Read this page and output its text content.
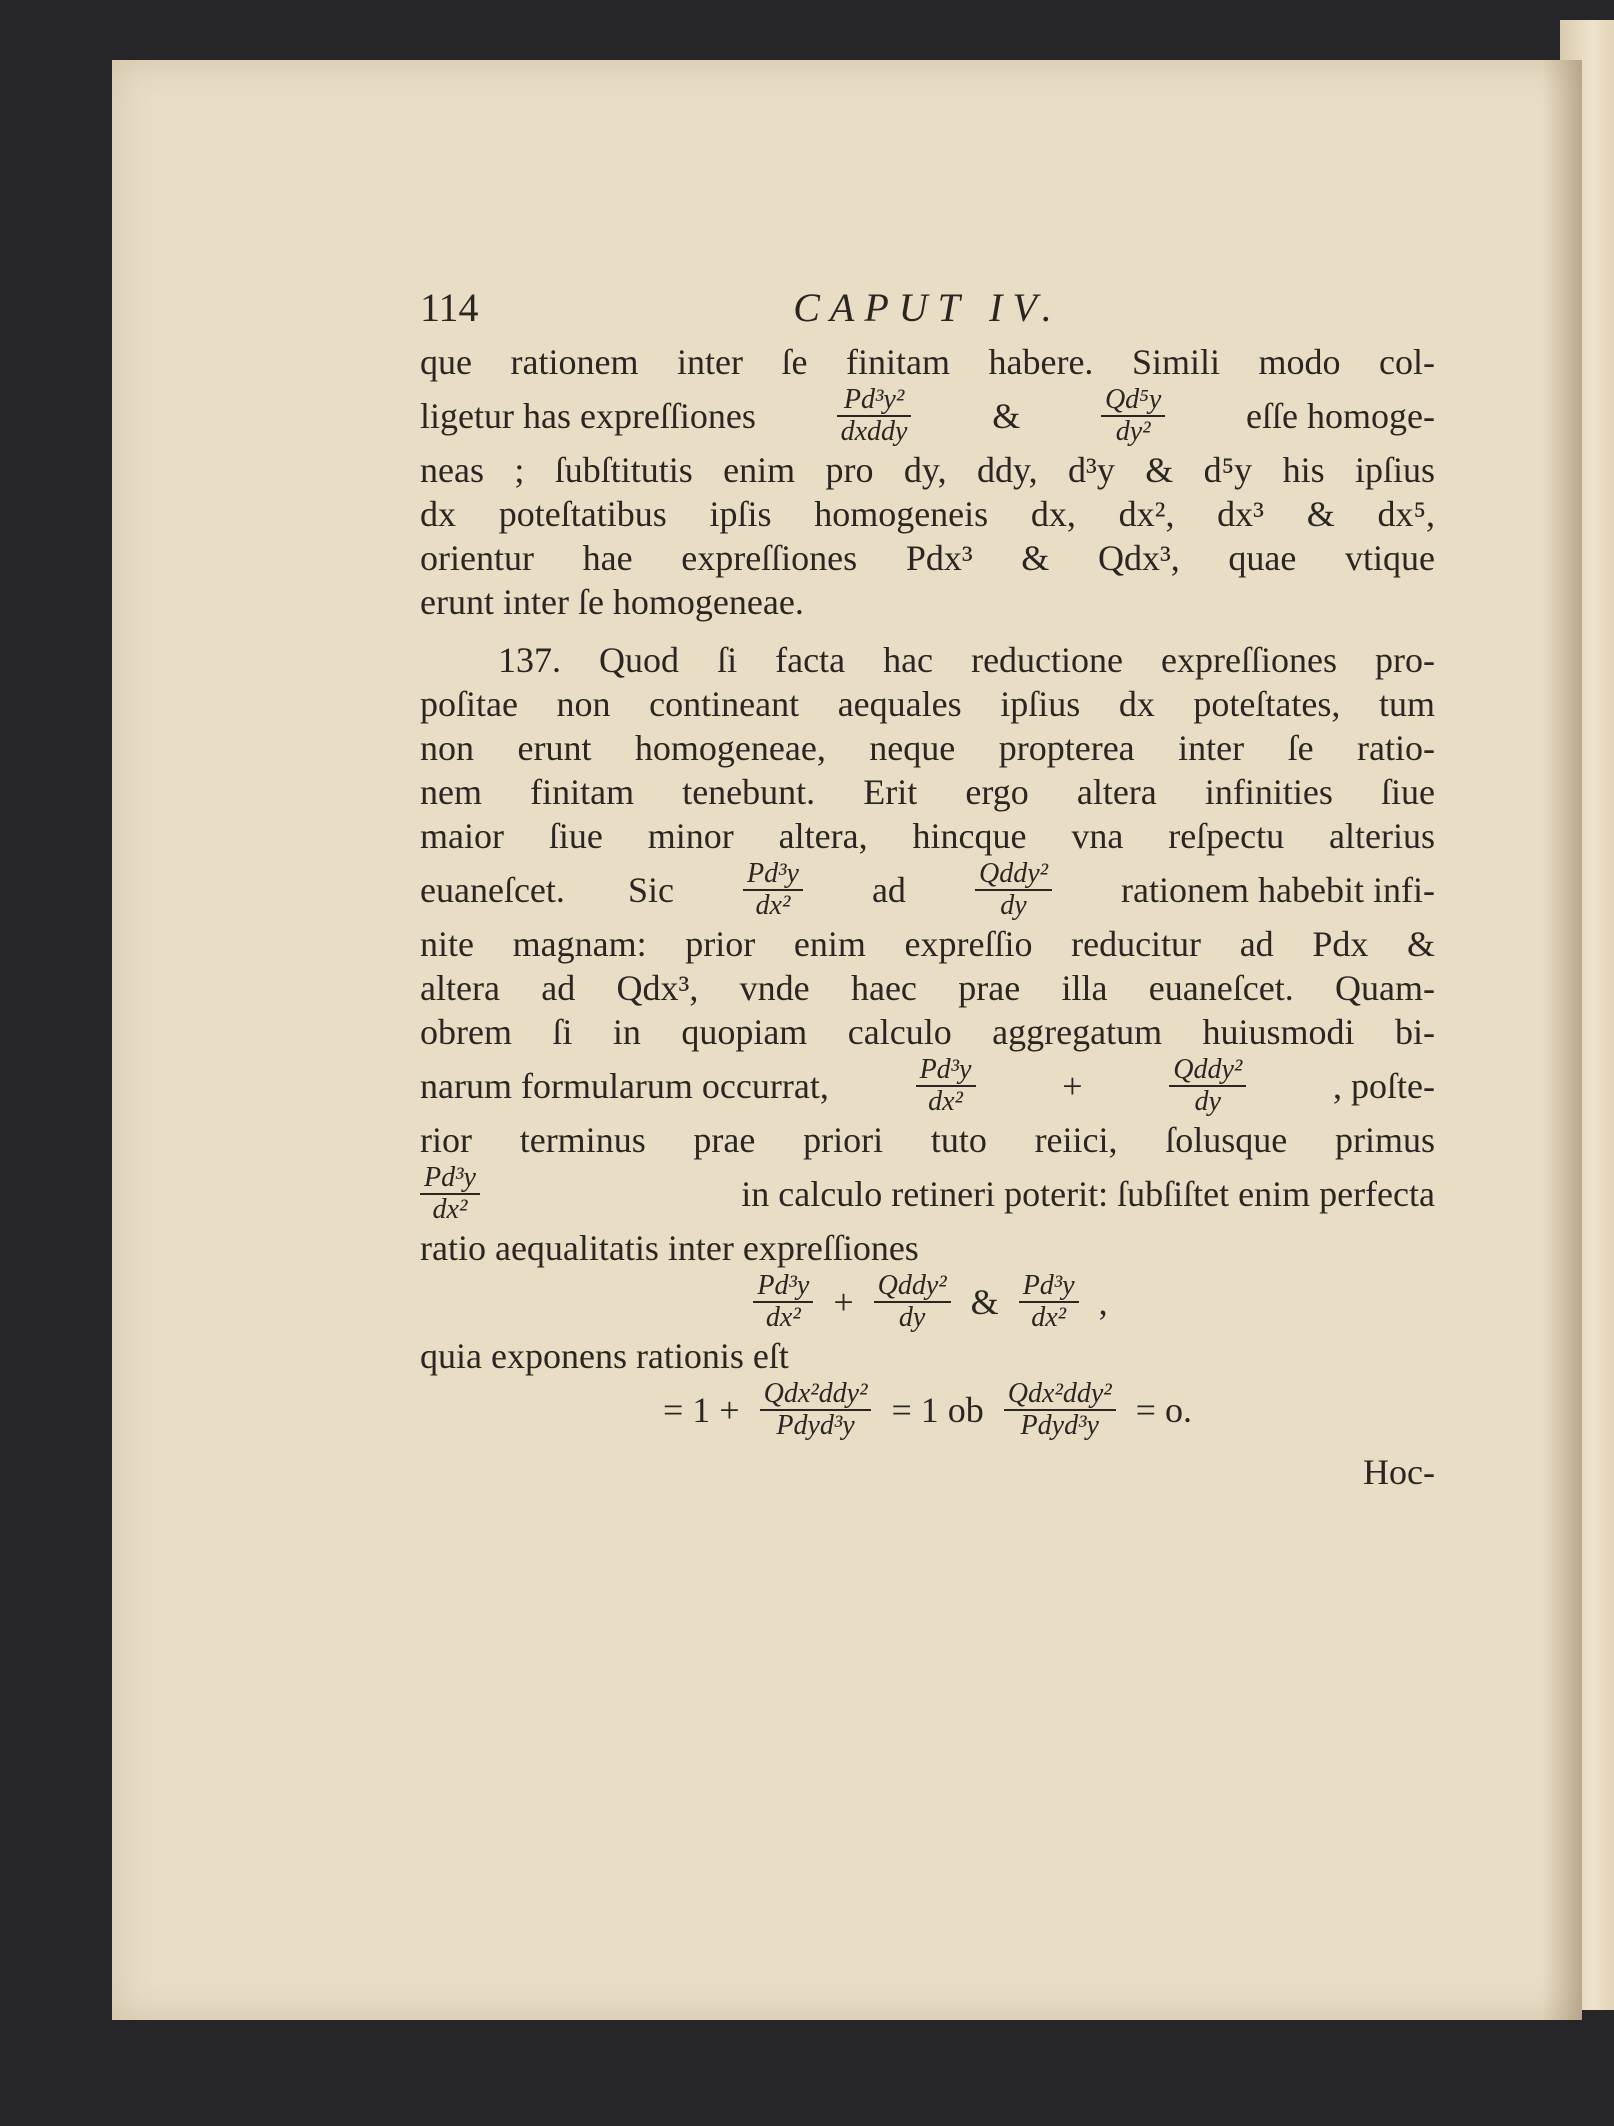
114	CAPUT IV.
que rationem inter ſe finitam habere. Simili modo col-
ligetur has expreſſiones	$\frac{\text{Pd³y²}}{\text{dxddy}}$ &	$\frac{\text{Qd⁵y}}{\text{dy²}}$ eſſe homoge-
neas ; ſubſtitutis enim pro dy, ddy, d³y & d⁵y his ipſius
dx poteſtatibus ipſis homogeneis dx, dx², dx³ & dx⁵,
orientur hae expreſſiones Pdx³ & Qdx³, quae vtique
erunt inter ſe homogeneae.
137. Quod ſi facta hac reductione expreſſiones pro-
poſitae non contineant aequales ipſius dx poteſtates, tum
non erunt homogeneae, neque propterea inter ſe ratio-
nem finitam tenebunt. Erit ergo altera infinities ſiue
maior ſiue minor altera, hincque vna reſpectu alterius
euaneſcet. Sic $\frac{\text{Pd³y}}{\text{dx²}}$ ad $\frac{\text{Qddy²}}{dy}$ rationem habebit infi-
nite magnam: prior enim expreſſio reducitur ad Pdx &
altera ad Qdx³, vnde haec prae illa euaneſcet. Quam-
obrem ſi in quopiam calculo aggregatum huiusmodi bi-
narum formularum occurrat,	$\frac{\text{Pd³y}}{\text{dx²}}$ +	$\frac{\text{Qddy²}}{dy}$ , poſte-
rior terminus prae priori tuto reiici, ſolusque primus
$\frac{\text{Pd³y}}{\text{dx²}}$	in calculo retineri poterit: ſubſiſtet enim perfecta
ratio aequalitatis inter expreſſiones
$\frac{\text{Pd³y}}{\text{dx²}} + \frac{\text{Qddy²}}{dy}$ & $\frac{\text{Pd³y}}{\text{dx²}}$ ,
quia exponens rationis eſt
= $1 + \frac{\text{Qdx²ddy²}}{\text{Pdyd³y}} = 1$ ob $\frac{\text{Qdx²ddy²}}{\text{Pdyd³y}} = o$.
Hoc-
